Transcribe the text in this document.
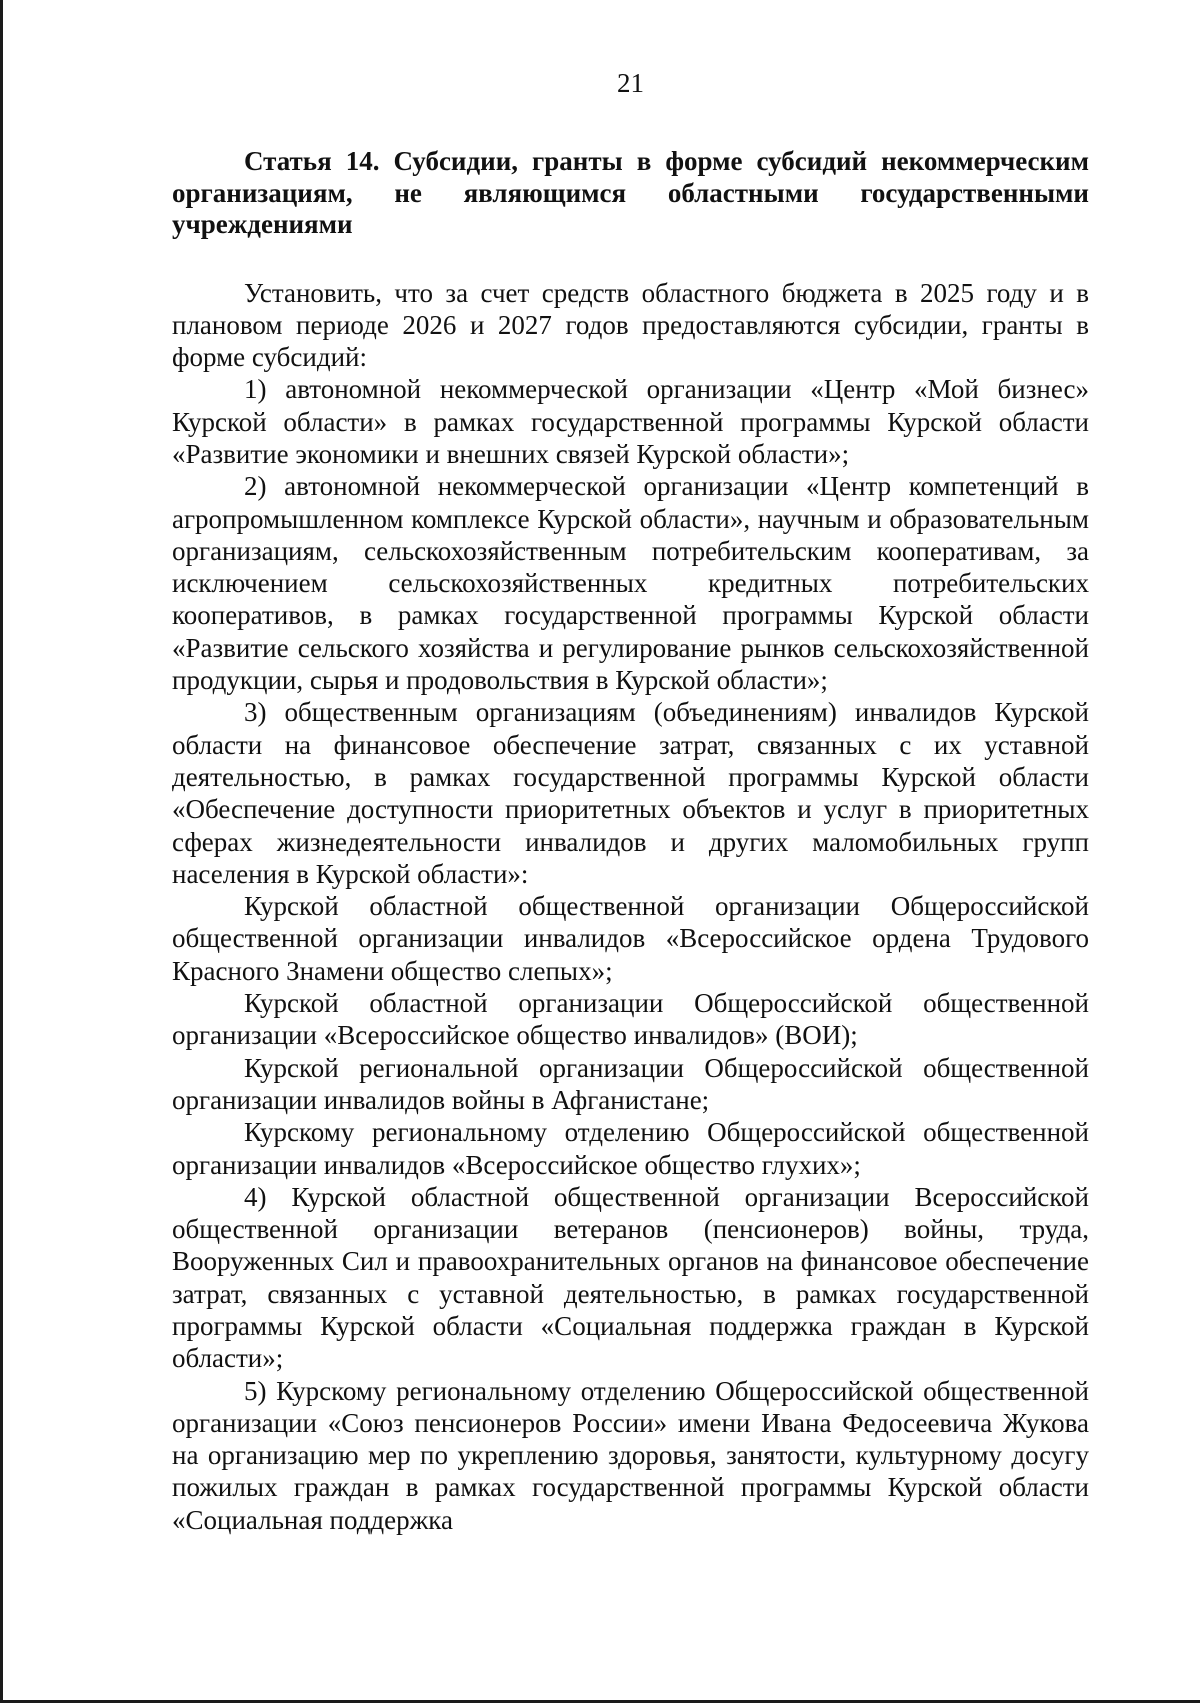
21
Статья 14. Субсидии, гранты в форме субсидий некоммерческим организациям, не являющимся областными государственными учреждениями

Установить, что за счет средств областного бюджета в 2025 году и в плановом периоде 2026 и 2027 годов предоставляются субсидии, гранты в форме субсидий:

1) автономной некоммерческой организации «Центр «Мой бизнес» Курской области» в рамках государственной программы Курской области «Развитие экономики и внешних связей Курской области»;

2) автономной некоммерческой организации «Центр компетенций в агропромышленном комплексе Курской области», научным и образовательным организациям, сельскохозяйственным потребительским кооперативам, за исключением сельскохозяйственных кредитных потребительских кооперативов, в рамках государственной программы Курской области «Развитие сельского хозяйства и регулирование рынков сельскохозяйственной продукции, сырья и продовольствия в Курской области»;

3) общественным организациям (объединениям) инвалидов Курской области на финансовое обеспечение затрат, связанных с их уставной деятельностью, в рамках государственной программы Курской области «Обеспечение доступности приоритетных объектов и услуг в приоритетных сферах жизнедеятельности инвалидов и других маломобильных групп населения в Курской области»:

Курской областной общественной организации Общероссийской общественной организации инвалидов «Всероссийское ордена Трудового Красного Знамени общество слепых»;

Курской областной организации Общероссийской общественной организации «Всероссийское общество инвалидов» (ВОИ);

Курской региональной организации Общероссийской общественной организации инвалидов войны в Афганистане;

Курскому региональному отделению Общероссийской общественной организации инвалидов «Всероссийское общество глухих»;

4) Курской областной общественной организации Всероссийской общественной организации ветеранов (пенсионеров) войны, труда, Вооруженных Сил и правоохранительных органов на финансовое обеспечение затрат, связанных с уставной деятельностью, в рамках государственной программы Курской области «Социальная поддержка граждан в Курской области»;

5) Курскому региональному отделению Общероссийской общественной организации «Союз пенсионеров России» имени Ивана Федосеевича Жукова на организацию мер по укреплению здоровья, занятости, культурному досугу пожилых граждан в рамках государственной программы Курской области «Социальная поддержка
